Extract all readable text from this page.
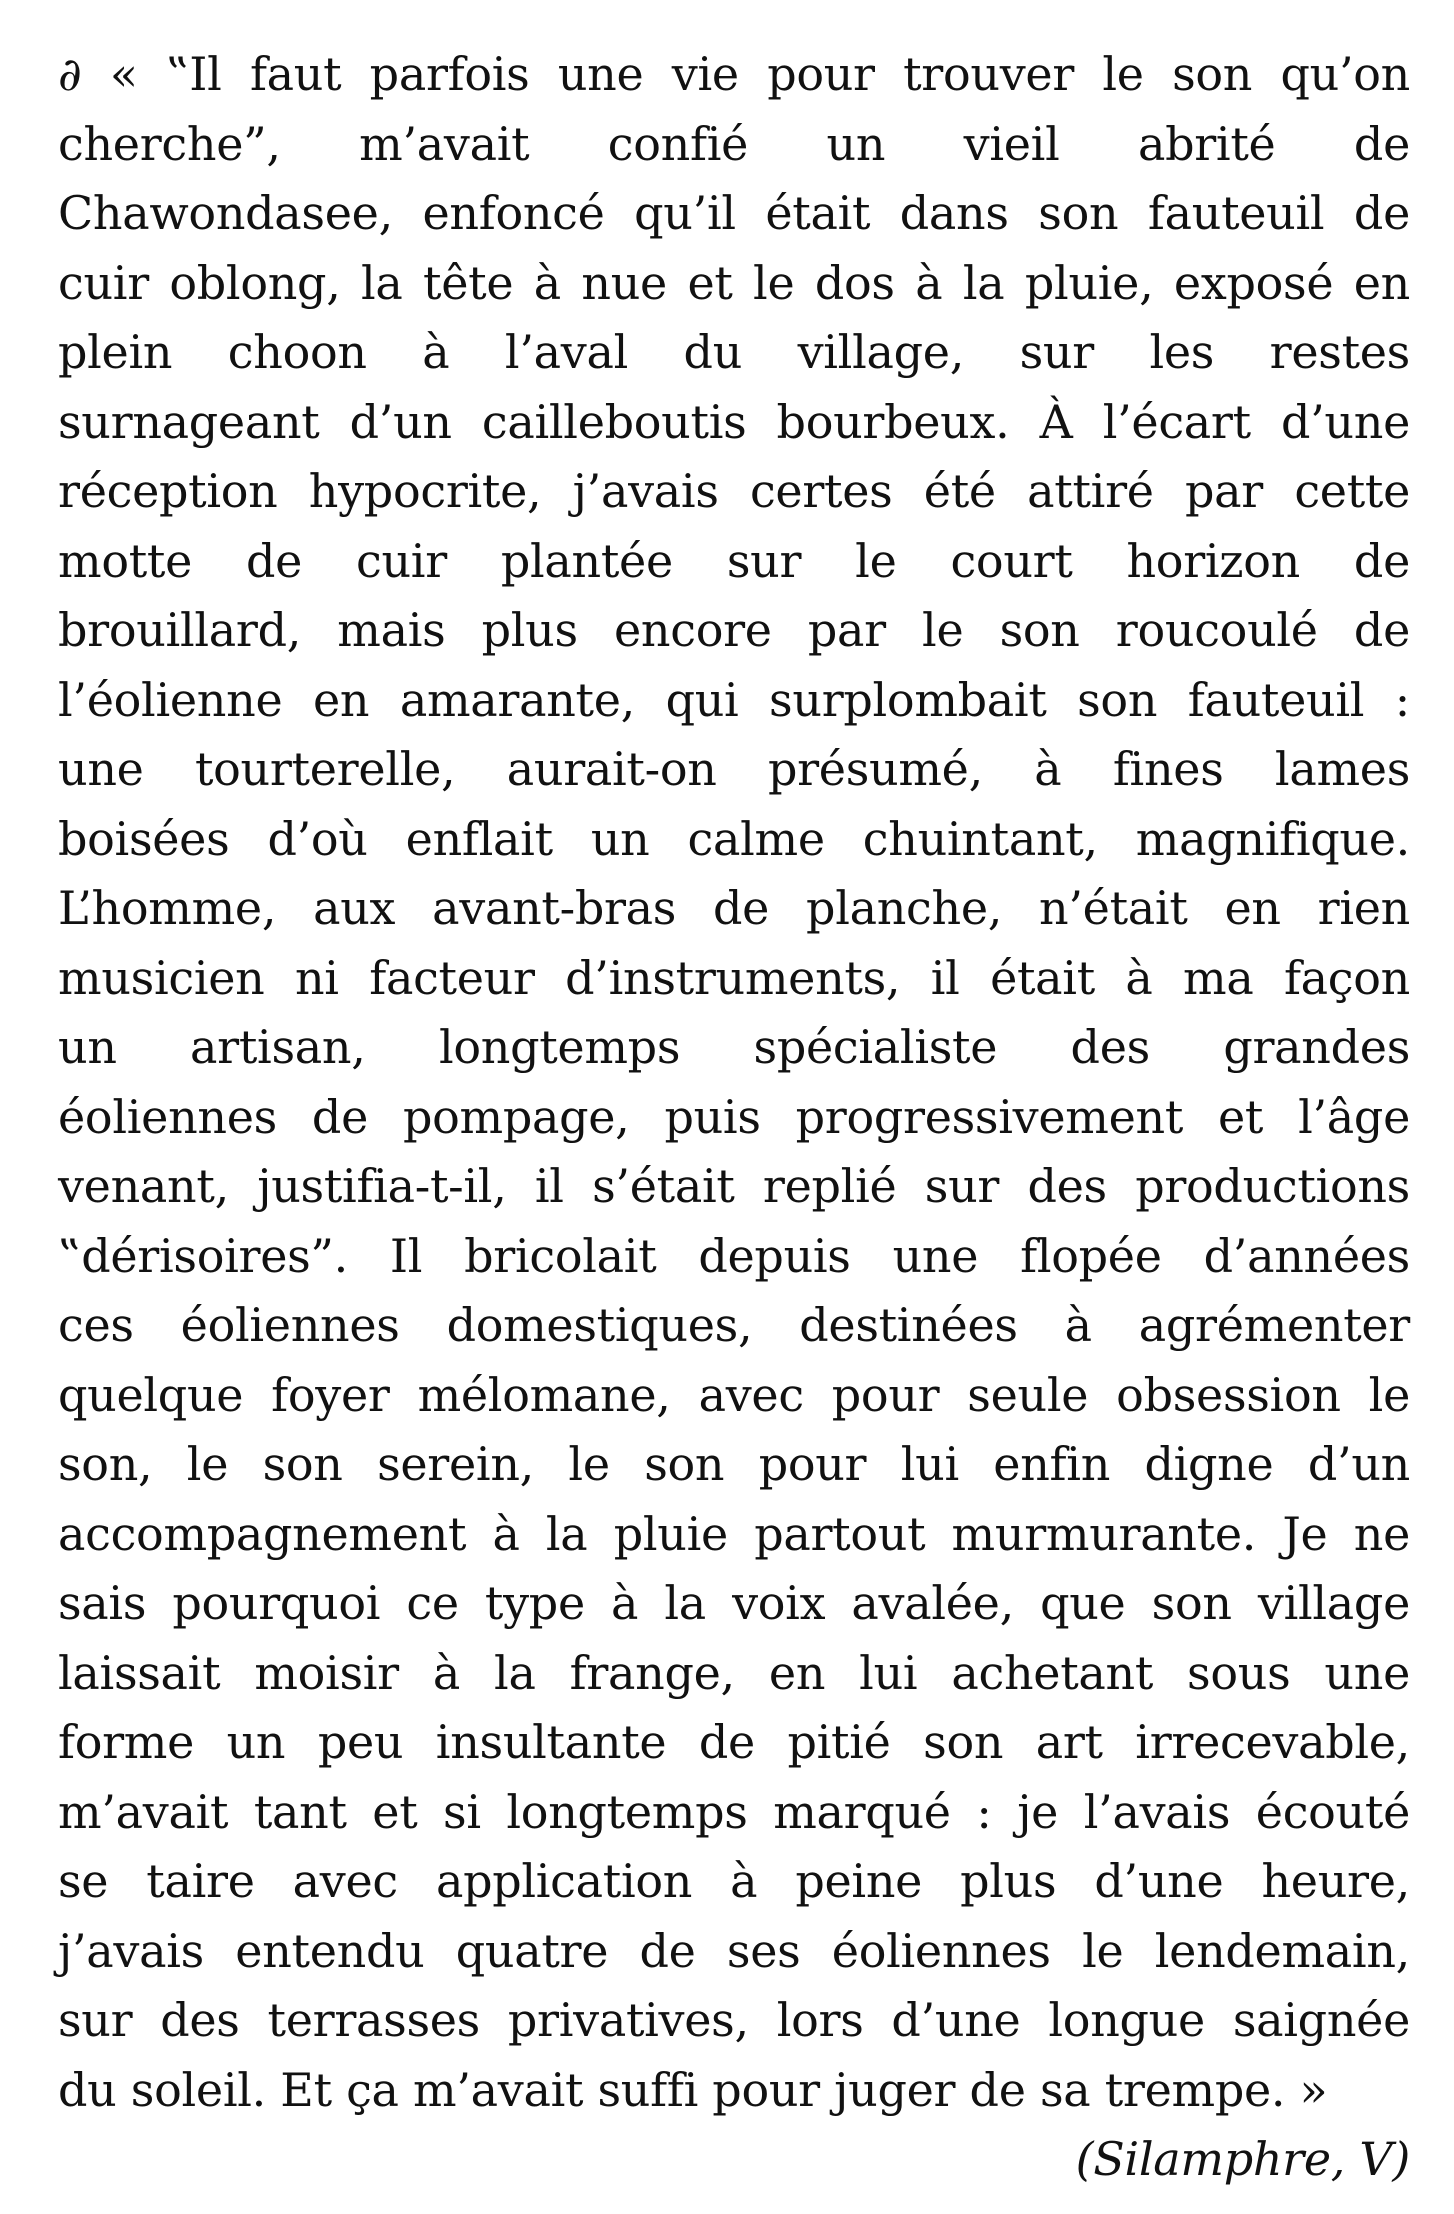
∂ « ‟Il faut parfois une vie pour trouver le son qu’on
cherche”, m’avait confié un vieil abrité de
Chawondasee, enfoncé qu’il était dans son fauteuil de
cuir oblong, la tête à nue et le dos à la pluie, exposé en
plein choon à l’aval du village, sur les restes
surnageant d’un cailleboutis bourbeux. À l’écart d’une
réception hypocrite, j’avais certes été attiré par cette
motte de cuir plantée sur le court horizon de
brouillard, mais plus encore par le son roucoulé de
l’éolienne en amarante, qui surplombait son fauteuil :
une tourterelle, aurait-on présumé, à fines lames
boisées d’où enflait un calme chuintant, magnifique.
L’homme, aux avant-bras de planche, n’était en rien
musicien ni facteur d’instruments, il était à ma façon
un artisan, longtemps spécialiste des grandes
éoliennes de pompage, puis progressivement et l’âge
venant, justifia-t-il, il s’était replié sur des productions
‟dérisoires”. Il bricolait depuis une flopée d’années
ces éoliennes domestiques, destinées à agrémenter
quelque foyer mélomane, avec pour seule obsession le
son, le son serein, le son pour lui enfin digne d’un
accompagnement à la pluie partout murmurante. Je ne
sais pourquoi ce type à la voix avalée, que son village
laissait moisir à la frange, en lui achetant sous une
forme un peu insultante de pitié son art irrecevable,
m’avait tant et si longtemps marqué : je l’avais écouté
se taire avec application à peine plus d’une heure,
j’avais entendu quatre de ses éoliennes le lendemain,
sur des terrasses privatives, lors d’une longue saignée
du soleil. Et ça m’avait suffi pour juger de sa trempe. »

(Silamphre, V)
